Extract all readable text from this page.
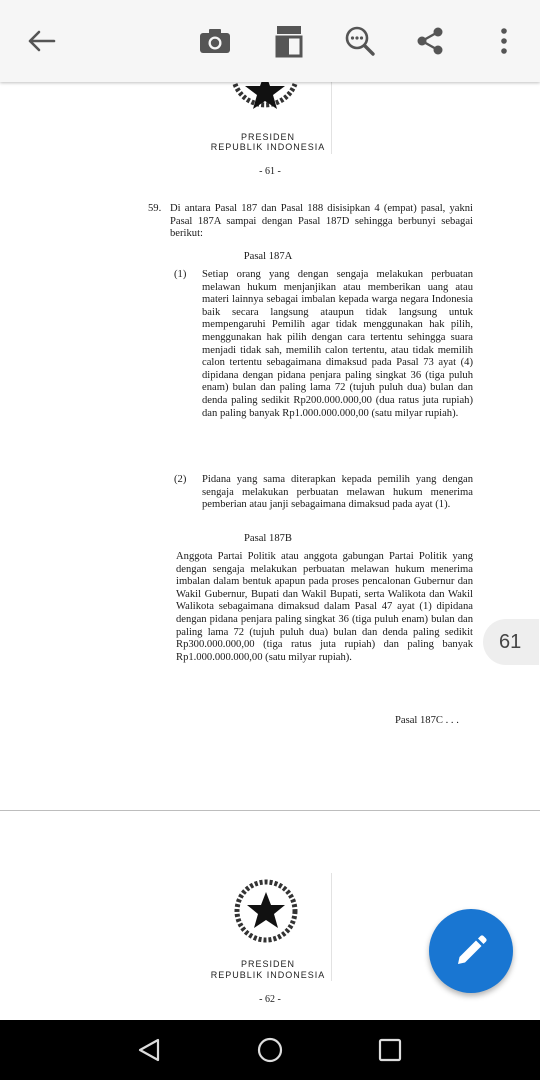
PRESIDEN
REPUBLIK INDONESIA
- 61 -
59. Di antara Pasal 187 dan Pasal 188 disisipkan 4 (empat) pasal, yakni Pasal 187A sampai dengan Pasal 187D sehingga berbunyi sebagai berikut:
Pasal 187A
(1) Setiap orang yang dengan sengaja melakukan perbuatan melawan hukum menjanjikan atau memberikan uang atau materi lainnya sebagai imbalan kepada warga negara Indonesia baik secara langsung ataupun tidak langsung untuk mempengaruhi Pemilih agar tidak menggunakan hak pilih, menggunakan hak pilih dengan cara tertentu sehingga suara menjadi tidak sah, memilih calon tertentu, atau tidak memilih calon tertentu sebagaimana dimaksud pada Pasal 73 ayat (4) dipidana dengan pidana penjara paling singkat 36 (tiga puluh enam) bulan dan paling lama 72 (tujuh puluh dua) bulan dan denda paling sedikit Rp200.000.000,00 (dua ratus juta rupiah) dan paling banyak Rp1.000.000.000,00 (satu milyar rupiah).
(2) Pidana yang sama diterapkan kepada pemilih yang dengan sengaja melakukan perbuatan melawan hukum menerima pemberian atau janji sebagaimana dimaksud pada ayat (1).
Pasal 187B
Anggota Partai Politik atau anggota gabungan Partai Politik yang dengan sengaja melakukan perbuatan melawan hukum menerima imbalan dalam bentuk apapun pada proses pencalonan Gubernur dan Wakil Gubernur, Bupati dan Wakil Bupati, serta Walikota dan Wakil Walikota sebagaimana dimaksud dalam Pasal 47 ayat (1) dipidana dengan pidana penjara paling singkat 36 (tiga puluh enam) bulan dan paling lama 72 (tujuh puluh dua) bulan dan denda paling sedikit Rp300.000.000,00 (tiga ratus juta rupiah) dan paling banyak Rp1.000.000.000,00 (satu milyar rupiah).
Pasal 187C . . .
PRESIDEN
REPUBLIK INDONESIA
- 62 -
61
